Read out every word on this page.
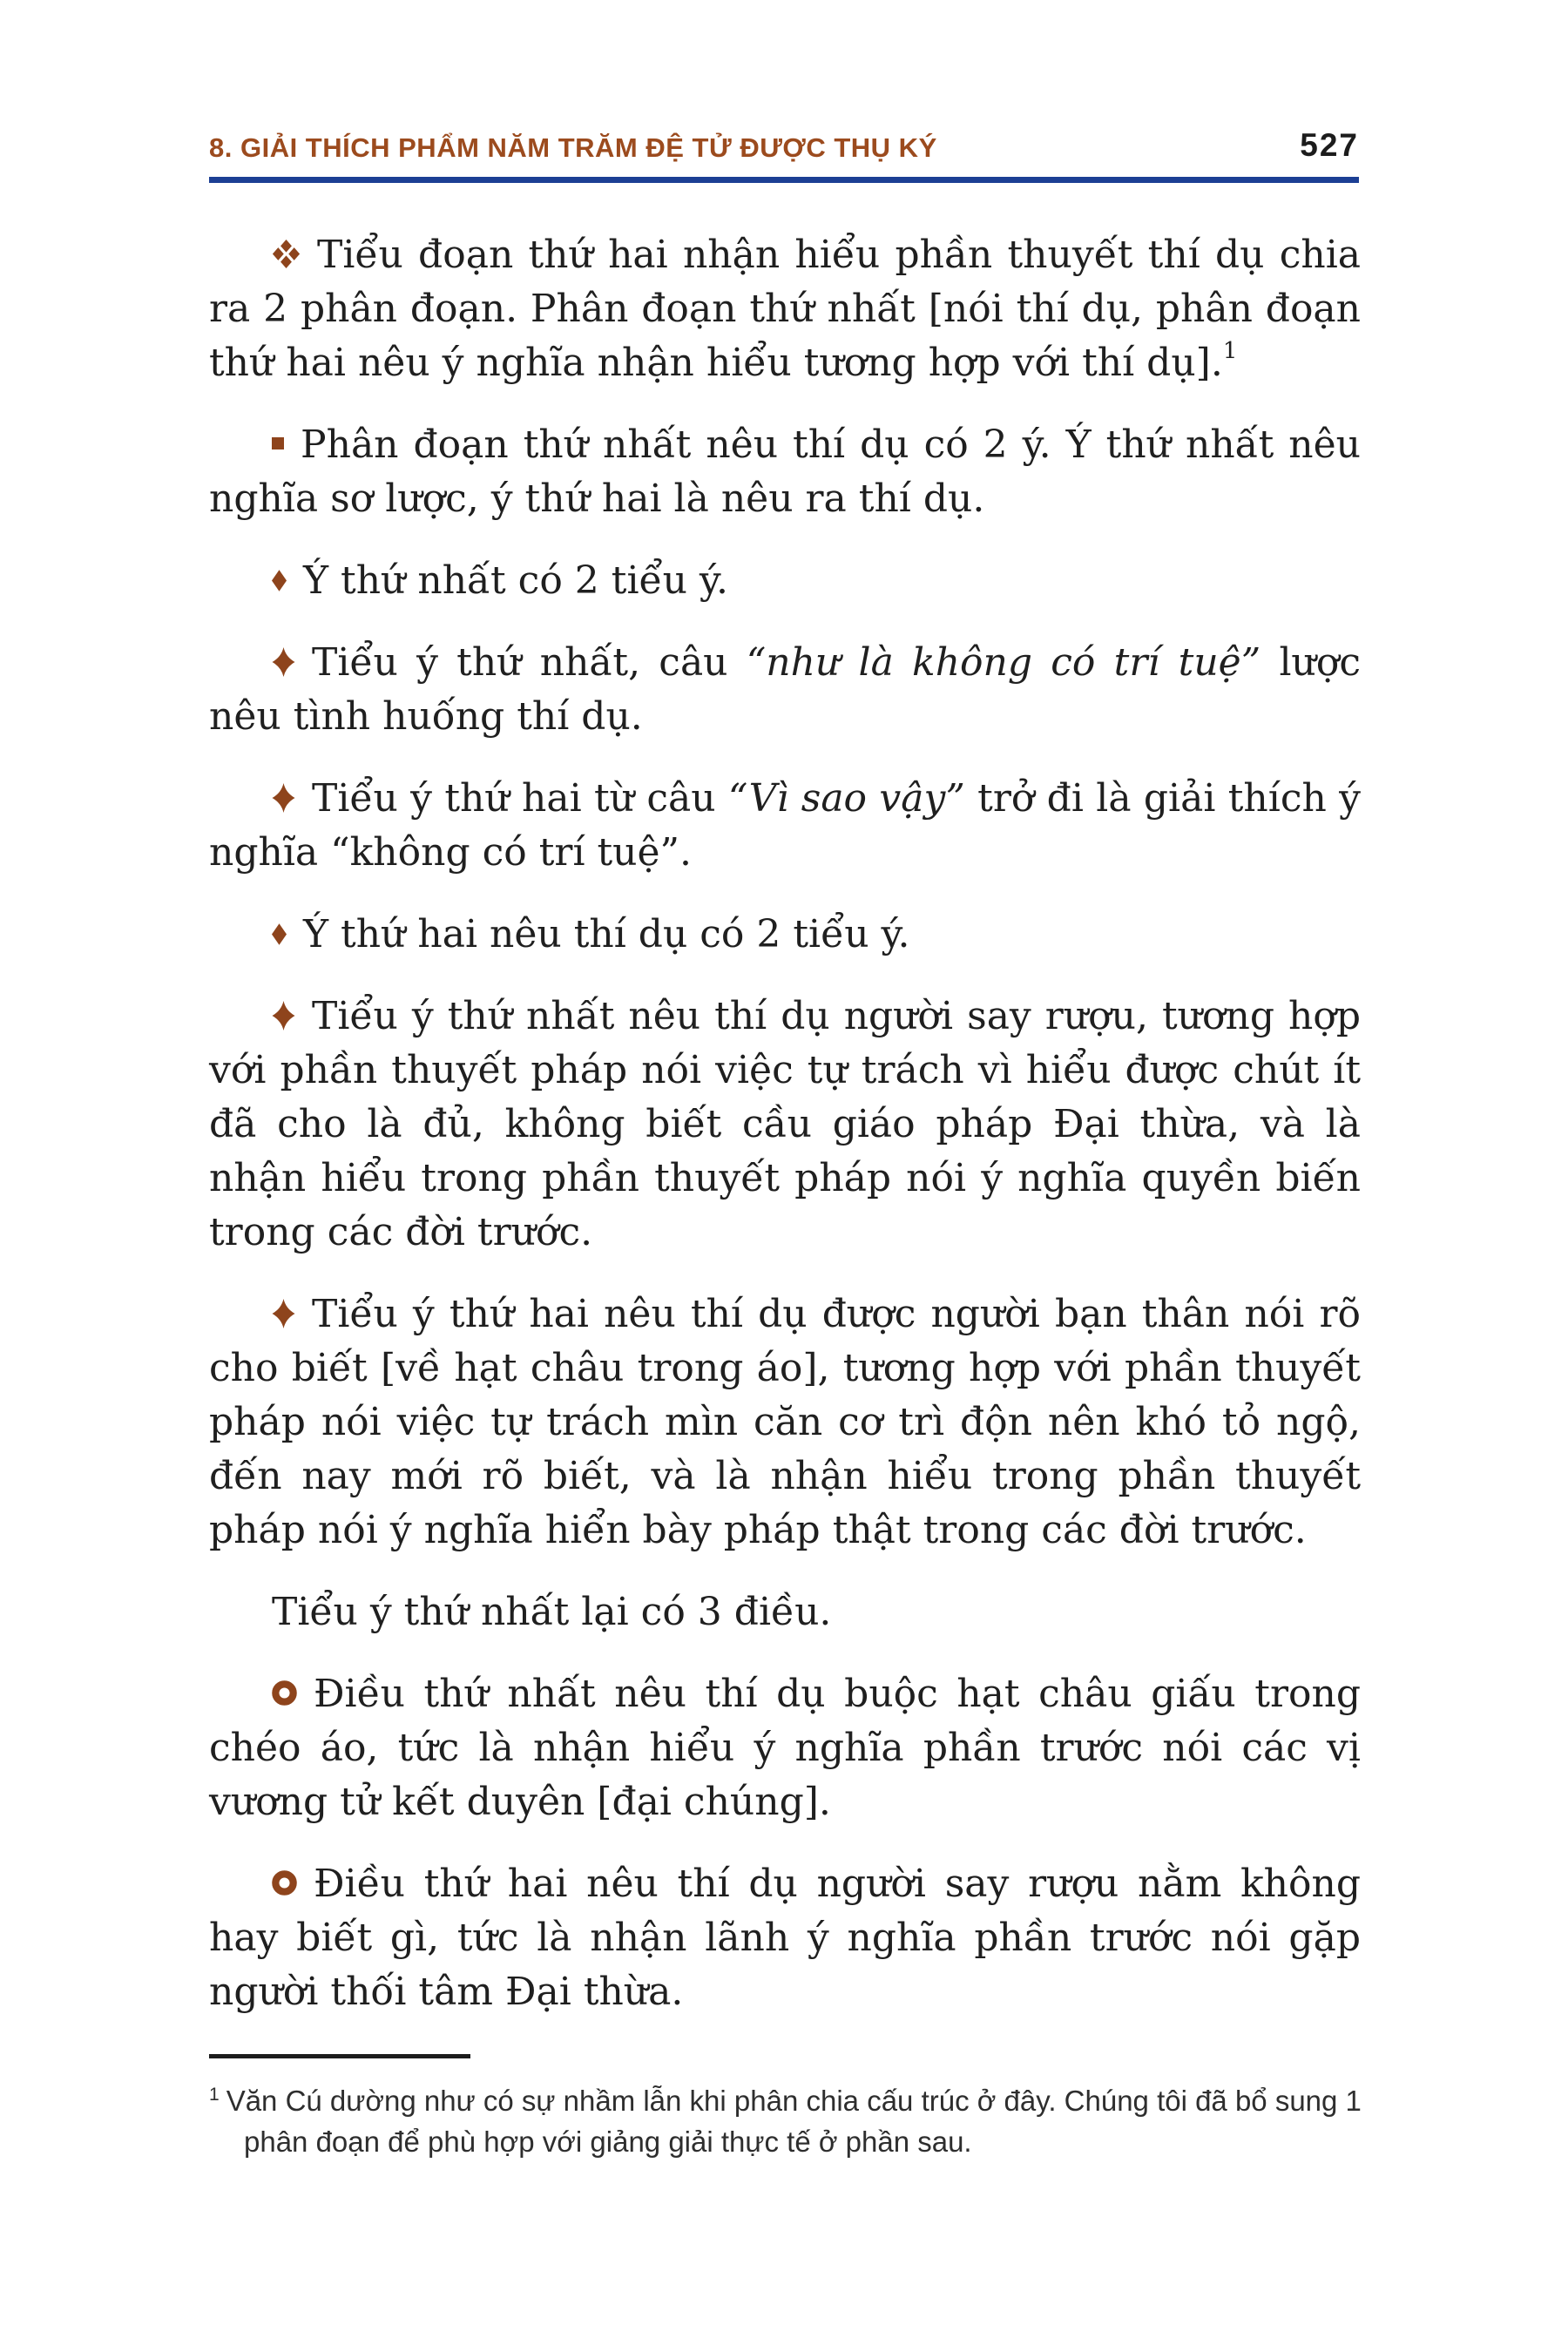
8. GIẢI THÍCH PHẨM NĂM TRĂM ĐỆ TỬ ĐƯỢC THỤ KÝ	527

Tiểu đoạn thứ hai nhận hiểu phần thuyết thí dụ chia ra 2 phân đoạn. Phân đoạn thứ nhất [nói thí dụ, phân đoạn thứ hai nêu ý nghĩa nhận hiểu tương hợp với thí dụ].$^1$

Phân đoạn thứ nhất nêu thí dụ có 2 ý. Ý thứ nhất nêu nghĩa sơ lược, ý thứ hai là nêu ra thí dụ.

Ý thứ nhất có 2 tiểu ý.

Tiểu ý thứ nhất, câu “như là không có trí tuệ” lược nêu tình huống thí dụ.

Tiểu ý thứ hai từ câu “Vì sao vậy” trở đi là giải thích ý nghĩa “không có trí tuệ”.

Ý thứ hai nêu thí dụ có 2 tiểu ý.

Tiểu ý thứ nhất nêu thí dụ người say rượu, tương hợp với phần thuyết pháp nói việc tự trách vì hiểu được chút ít đã cho là đủ, không biết cầu giáo pháp Đại thừa, và là nhận hiểu trong phần thuyết pháp nói ý nghĩa quyền biến trong các đời trước.

Tiểu ý thứ hai nêu thí dụ được người bạn thân nói rõ cho biết [về hạt châu trong áo], tương hợp với phần thuyết pháp nói việc tự trách mìn căn cơ trì độn nên khó tỏ ngộ, đến nay mới rõ biết, và là nhận hiểu trong phần thuyết pháp nói ý nghĩa hiển bày pháp thật trong các đời trước.

Tiểu ý thứ nhất lại có 3 điều.

Điều thứ nhất nêu thí dụ buộc hạt châu giấu trong chéo áo, tức là nhận hiểu ý nghĩa phần trước nói các vị vương tử kết duyên [đại chúng].

Điều thứ hai nêu thí dụ người say rượu nằm không hay biết gì, tức là nhận lãnh ý nghĩa phần trước nói gặp người thối tâm Đại thừa.

$^1$ Văn Cú dường như có sự nhầm lẫn khi phân chia cấu trúc ở đây. Chúng tôi đã bổ sung 1 phân đoạn để phù hợp với giảng giải thực tế ở phần sau.
